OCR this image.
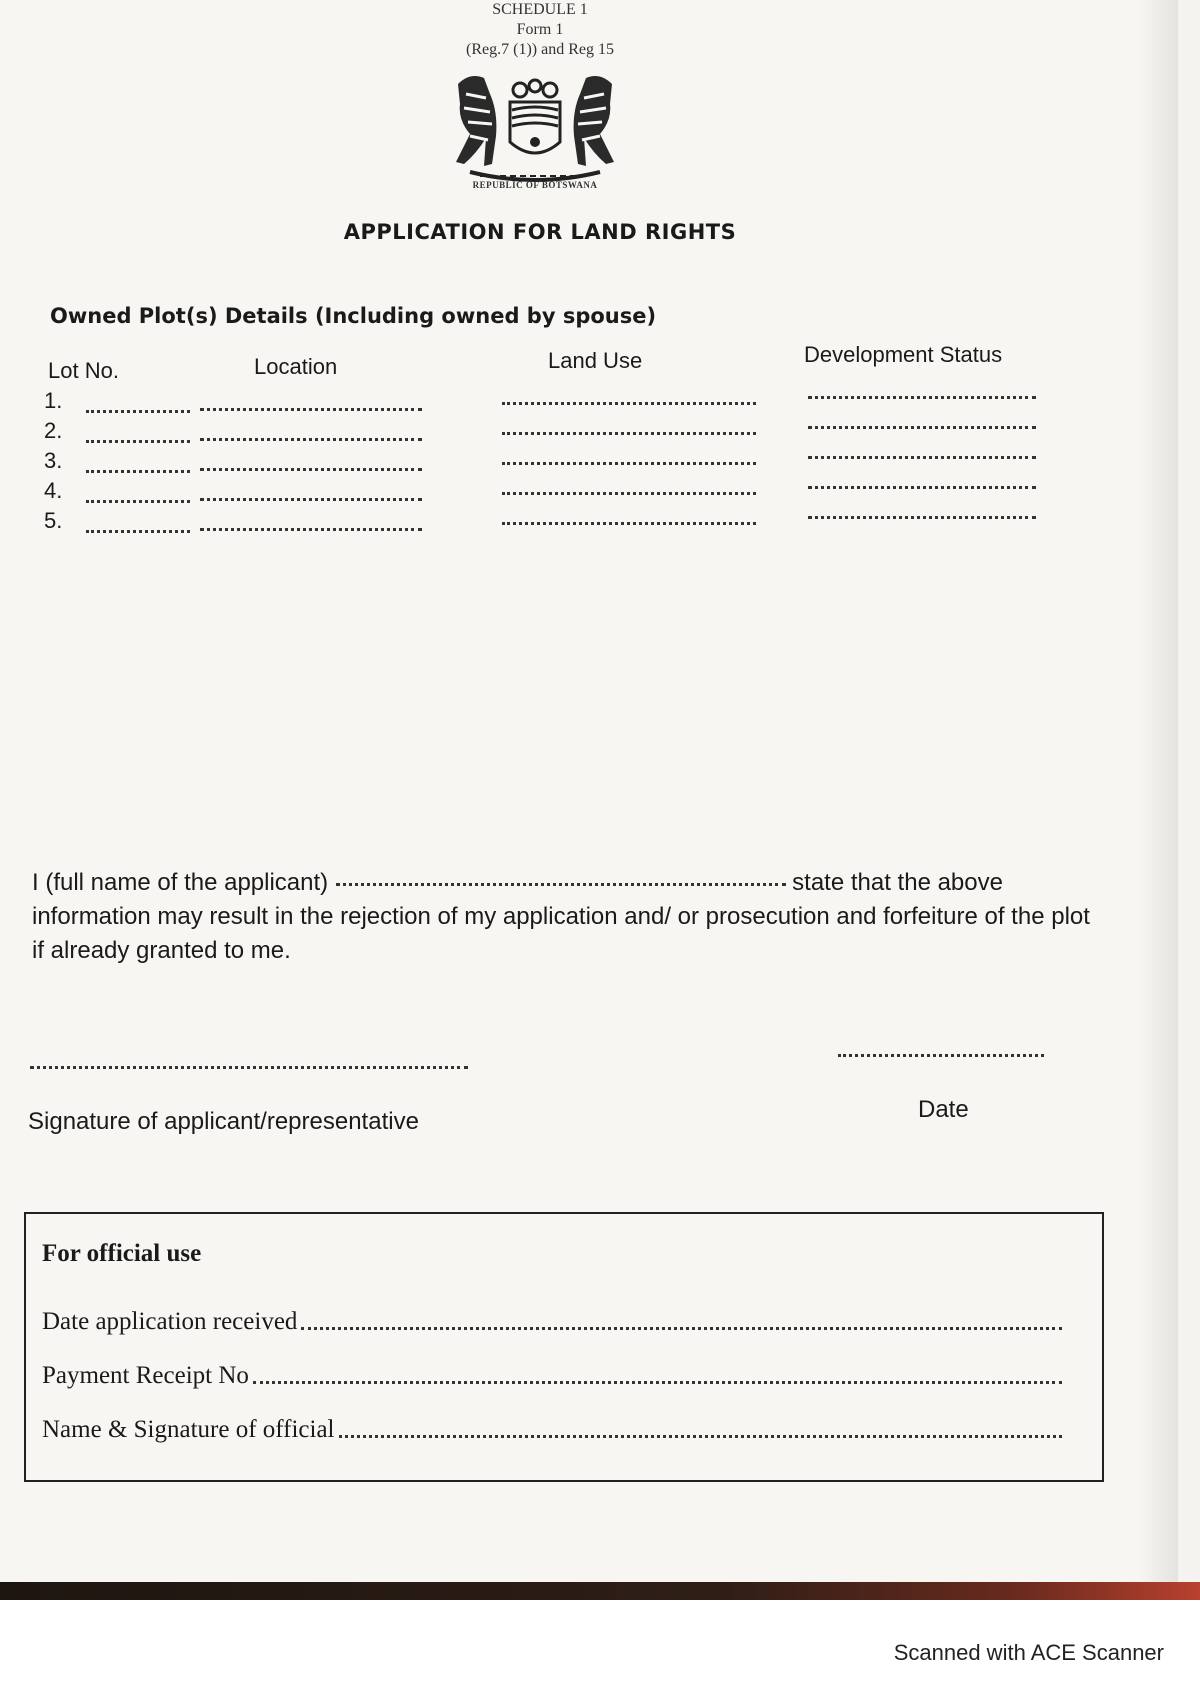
SCHEDULE 1
Form 1
(Reg.7 (1)) and Reg 15
REPUBLIC OF BOTSWANA
APPLICATION FOR LAND RIGHTS
Owned Plot(s) Details (Including owned by spouse)
Lot No.	Location	Land Use	Development Status
1.
2.
3.
4.
5.
I (full name of the applicant)	state that the above information may result in the rejection of my application and/ or prosecution and forfeiture of the plot if already granted to me.
Signature of applicant/representative	Date
For official use
Date application received
Payment Receipt No
Name & Signature of official
Scanned with ACE Scanner
